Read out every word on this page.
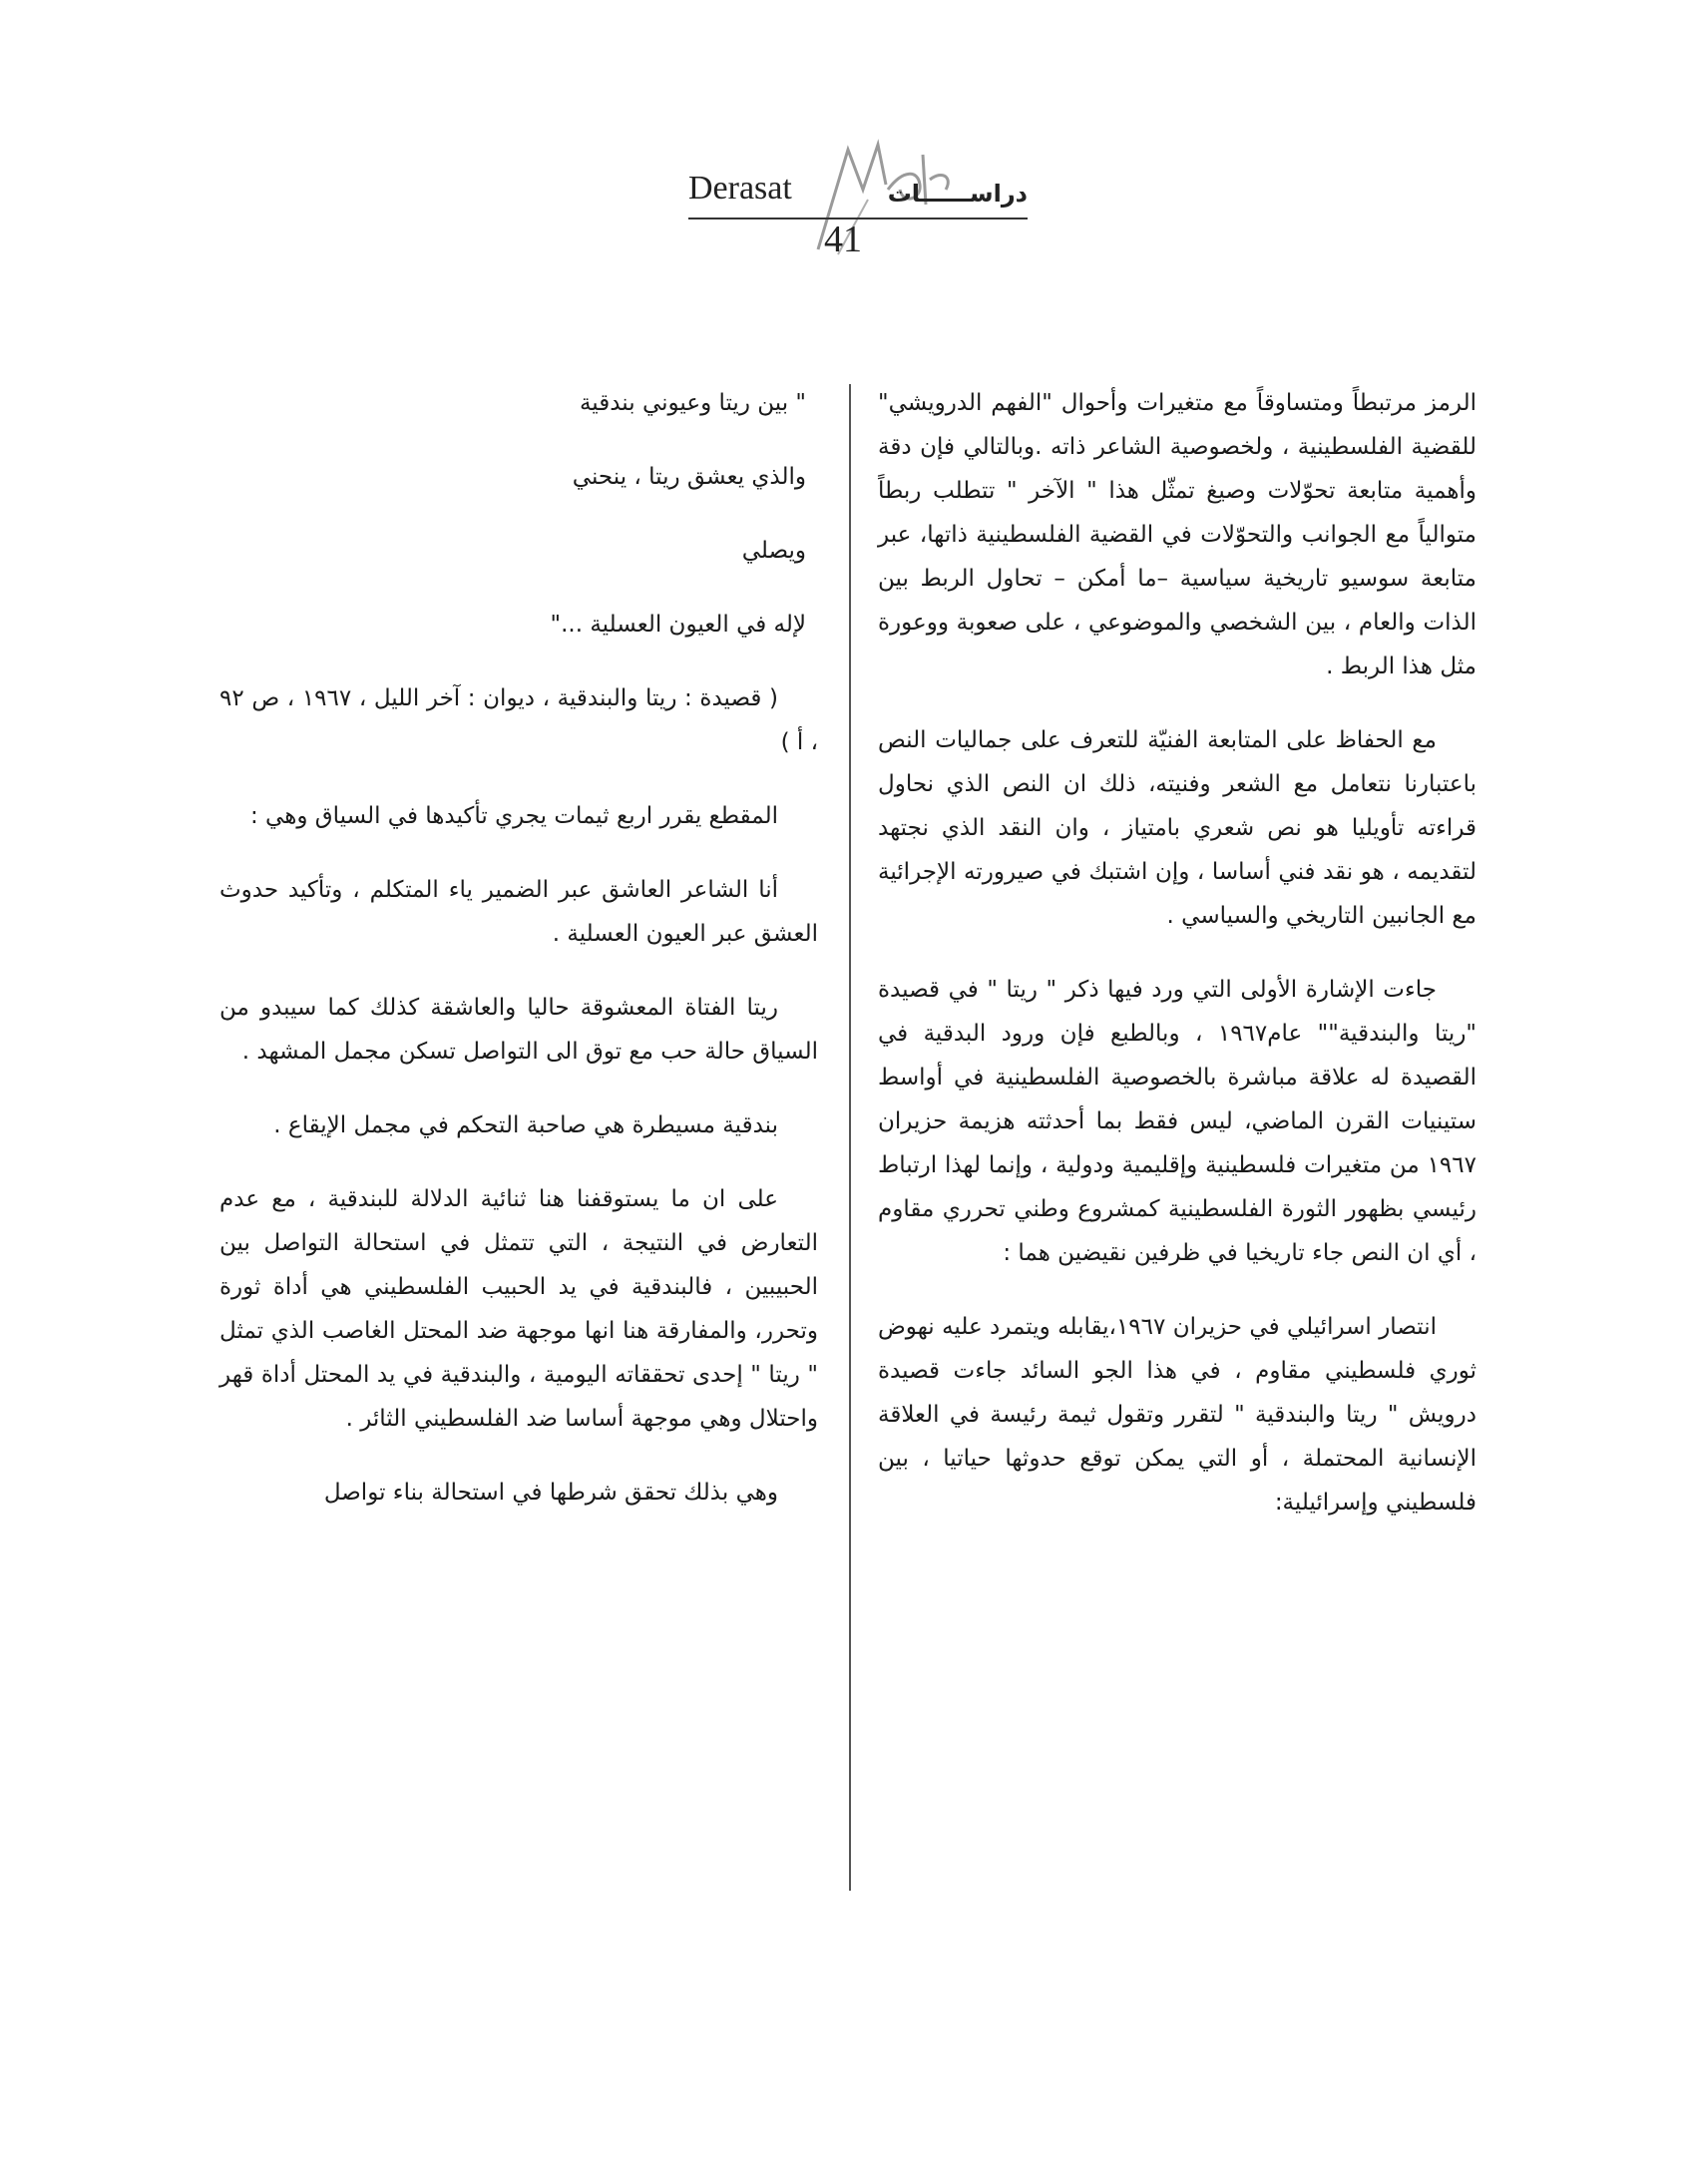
Derasat	دراســــــات
41

الرمز مرتبطاً ومتساوقاً مع متغيرات وأحوال "الفهم الدرويشي" للقضية الفلسطينية ، ولخصوصية الشاعر ذاته .وبالتالي فإن دقة وأهمية متابعة تحوّلات وصيغ تمثّل هذا " الآخر " تتطلب ربطاً متوالياً مع الجوانب والتحوّلات في القضية الفلسطينية ذاتها، عبر متابعة سوسيو تاريخية سياسية –ما أمكن – تحاول الربط بين الذات والعام ، بين الشخصي والموضوعي ، على صعوبة ووعورة مثل هذا الربط .

مع الحفاظ على المتابعة الفنيّة للتعرف على جماليات النص باعتبارنا نتعامل مع الشعر وفنيته، ذلك ان النص الذي نحاول قراءته تأويليا هو نص شعري بامتياز ، وان النقد الذي نجتهد لتقديمه ، هو نقد فني أساسا ، وإن اشتبك في صيرورته الإجرائية مع الجانبين التاريخي والسياسي .

جاءت الإشارة الأولى التي ورد فيها ذكر " ريتا " في قصيدة "ريتا والبندقية"" عام١٩٦٧ ، وبالطبع فإن ورود البدقية في القصيدة له علاقة مباشرة بالخصوصية الفلسطينية في أواسط ستينيات القرن الماضي، ليس فقط بما أحدثته هزيمة حزيران ١٩٦٧ من متغيرات فلسطينية وإقليمية ودولية ، وإنما لهذا ارتباط رئيسي بظهور الثورة الفلسطينية كمشروع وطني تحرري مقاوم ، أي ان النص جاء تاريخيا في ظرفين نقيضين هما :

انتصار اسرائيلي في حزيران ١٩٦٧،يقابله ويتمرد عليه نهوض ثوري فلسطيني مقاوم ، في هذا الجو السائد جاءت قصيدة درويش " ريتا والبندقية " لتقرر وتقول ثيمة رئيسة في العلاقة الإنسانية المحتملة ، أو التي يمكن توقع حدوثها حياتيا ، بين فلسطيني وإسرائيلية:

" بين ريتا وعيوني بندقية

والذي يعشق ريتا ، ينحني

ويصلي

لإله في العيون العسلية ..."

( قصيدة : ريتا والبندقية ، ديوان : آخر الليل ، ١٩٦٧ ، ص ٩٢ ، أ )

المقطع يقرر اربع ثيمات يجري تأكيدها في السياق وهي :

أنا الشاعر العاشق عبر الضمير ياء المتكلم ، وتأكيد حدوث العشق عبر العيون العسلية .

ريتا الفتاة المعشوقة حاليا والعاشقة كذلك كما سيبدو من السياق حالة حب مع توق الى التواصل تسكن مجمل المشهد .

بندقية مسيطرة هي صاحبة التحكم في مجمل الإيقاع .

على ان ما يستوقفنا هنا ثنائية الدلالة للبندقية ، مع عدم التعارض في النتيجة ، التي تتمثل في استحالة التواصل بين الحبيبين ، فالبندقية في يد الحبيب الفلسطيني هي أداة ثورة وتحرر، والمفارقة هنا انها موجهة ضد المحتل الغاصب الذي تمثل " ريتا " إحدى تحققاته اليومية ، والبندقية في يد المحتل أداة قهر واحتلال وهي موجهة أساسا ضد الفلسطيني الثائر .

وهي بذلك تحقق شرطها في استحالة بناء تواصل
